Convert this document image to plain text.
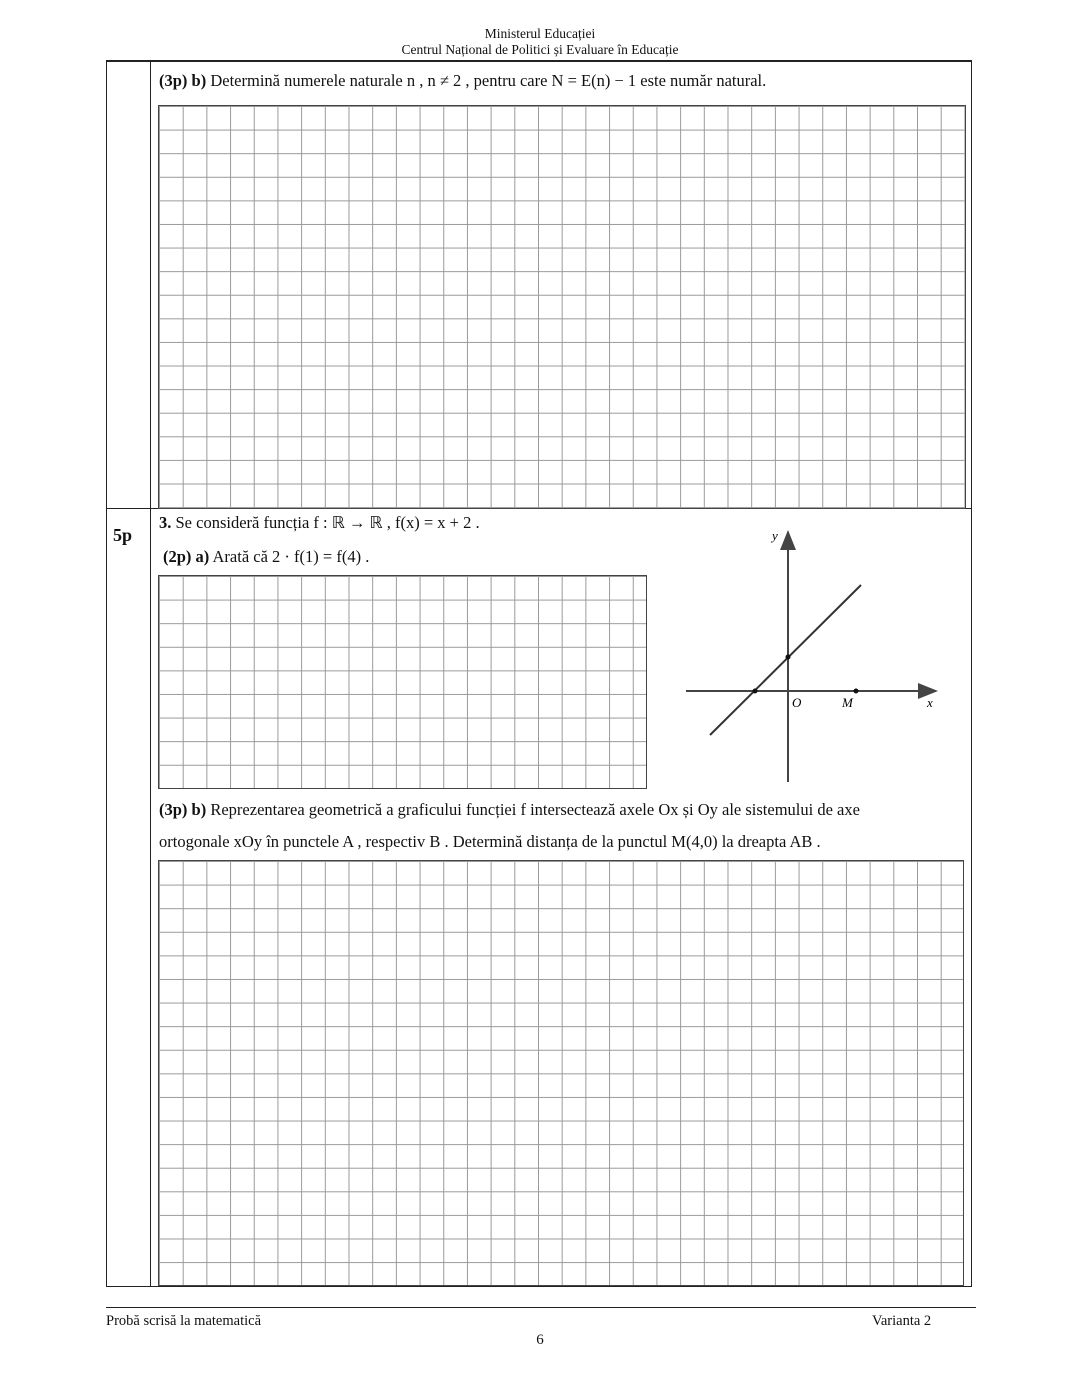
Ministerul Educației
Centrul Național de Politici și Evaluare în Educație
(3p) b) Determină numerele naturale n , n ≠ 2 , pentru care N = E(n) − 1 este număr natural.
5p
3. Se consideră funcția f : ℝ → ℝ , f(x) = x + 2 .
(2p) a) Arată că 2 · f(1) = f(4) .
y
x
O	M
(3p) b) Reprezentarea geometrică a graficului funcției f intersectează axele Ox și Oy ale sistemului de axe
ortogonale xOy în punctele A , respectiv B . Determină distanța de la punctul M(4,0) la dreapta AB .
Probă scrisă la matematică	Varianta 2
6
